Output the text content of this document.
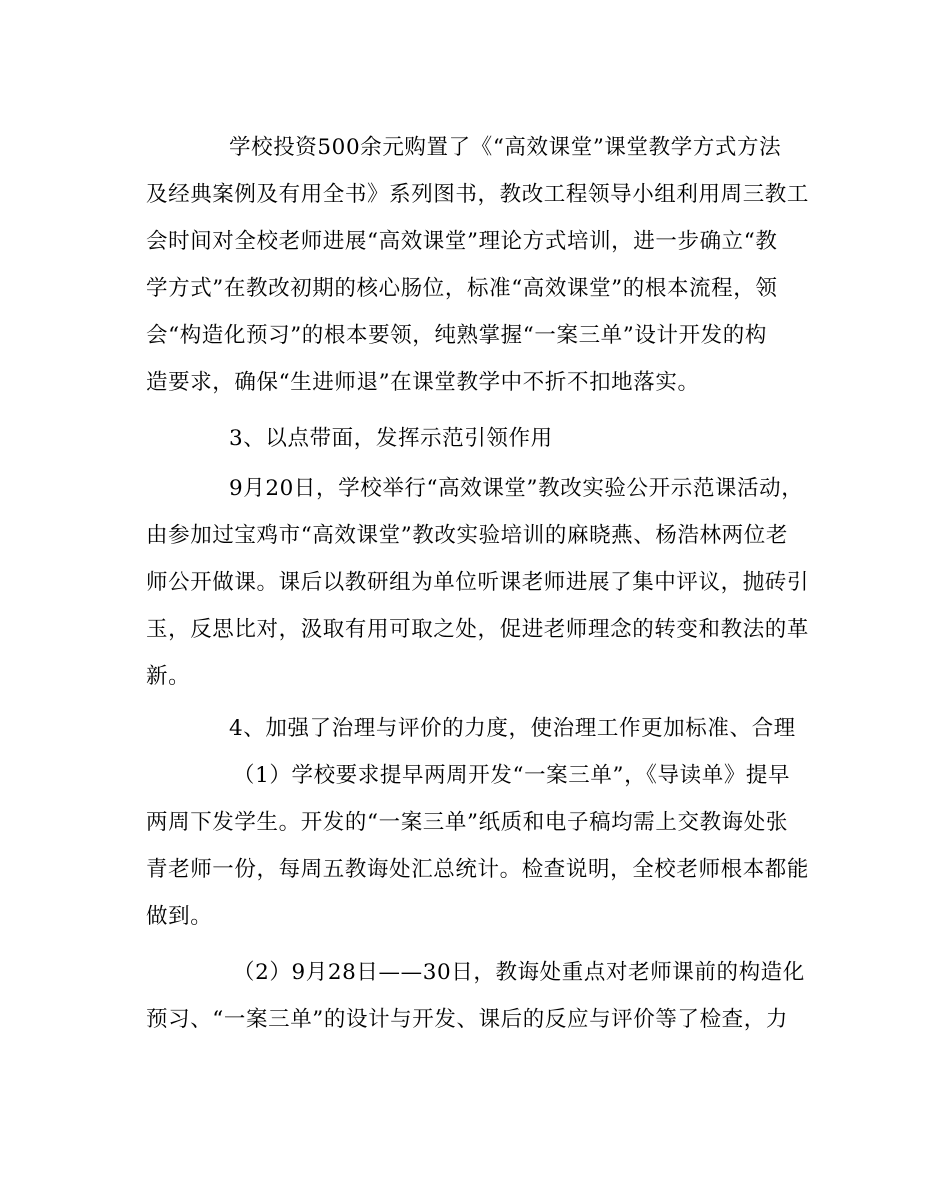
学校投资500余元购置了《“高效课堂”课堂教学方式方法
及经典案例及有用全书》系列图书，教改工程领导小组利用周三教工
会时间对全校老师进展“高效课堂”理论方式培训，进一步确立“教
学方式”在教改初期的核心肠位，标准“高效课堂”的根本流程，领
会“构造化预习”的根本要领，纯熟掌握“一案三单”设计开发的构
造要求，确保“生进师退”在课堂教学中不折不扣地落实。
3、以点带面，发挥示范引领作用
9月20日，学校举行“高效课堂”教改实验公开示范课活动，
由参加过宝鸡市“高效课堂”教改实验培训的麻晓燕、杨浩林两位老
师公开做课。课后以教研组为单位听课老师进展了集中评议，抛砖引
玉，反思比对，汲取有用可取之处，促进老师理念的转变和教法的革
新。
4、加强了治理与评价的力度，使治理工作更加标准、合理
（1）学校要求提早两周开发“一案三单”，《导读单》提早
两周下发学生。开发的“一案三单”纸质和电子稿均需上交教诲处张
青老师一份，每周五教诲处汇总统计。检查说明，全校老师根本都能
做到。
（2）9月28日——30日，教诲处重点对老师课前的构造化
预习、“一案三单”的设计与开发、课后的反应与评价等了检查，力
